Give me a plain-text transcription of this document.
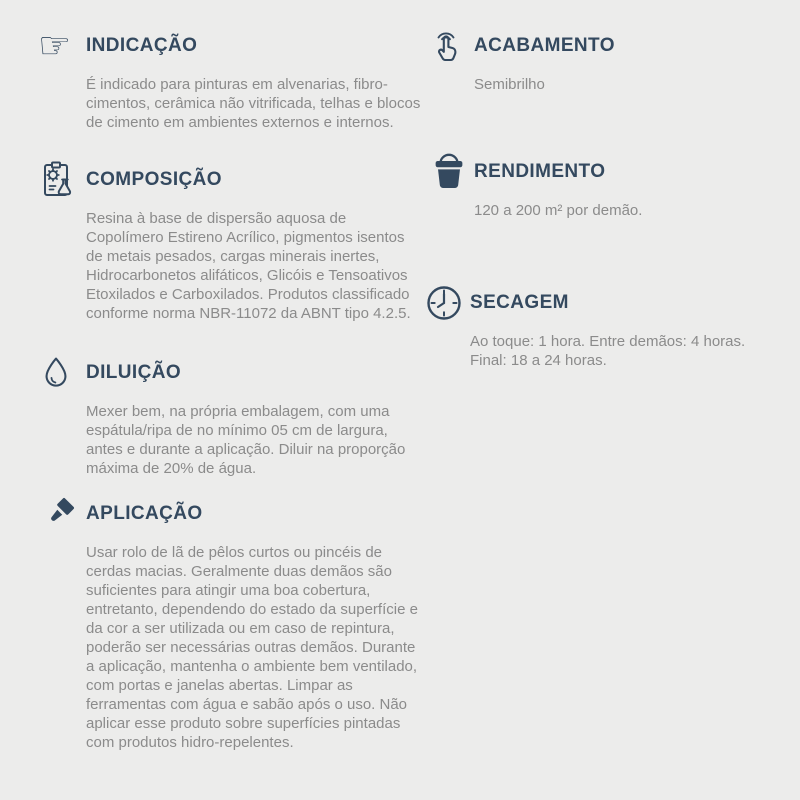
☞ INDICAÇÃO

É indicado para pinturas em alvenarias, fibro-cimentos, cerâmica não vitrificada, telhas e blocos de cimento em ambientes externos e internos.

COMPOSIÇÃO

Resina à base de dispersão aquosa de Copolímero Estireno Acrílico, pigmentos isentos de metais pesados, cargas minerais inertes, Hidrocarbonetos alifáticos, Glicóis e Tensoativos Etoxilados e Carboxilados. Produtos classificado conforme norma NBR-11072 da ABNT tipo 4.2.5.

DILUIÇÃO

Mexer bem, na própria embalagem, com uma espátula/ripa de no mínimo 05 cm de largura, antes e durante a aplicação. Diluir na proporção máxima de 20% de água.

APLICAÇÃO

Usar rolo de lã de pêlos curtos ou pincéis de cerdas macias. Geralmente duas demãos são suficientes para atingir uma boa cobertura, entretanto, dependendo do estado da superfície e da cor a ser utilizada ou em caso de repintura, poderão ser necessárias outras demãos. Durante a aplicação, mantenha o ambiente bem ventilado, com portas e janelas abertas. Limpar as ferramentas com água e sabão após o uso. Não aplicar esse produto sobre superfícies pintadas com produtos hidro-repelentes.

ACABAMENTO

Semibrilho

RENDIMENTO

120 a 200 m² por demão.

SECAGEM

Ao toque: 1 hora. Entre demãos: 4 horas. Final: 18 a 24 horas.
